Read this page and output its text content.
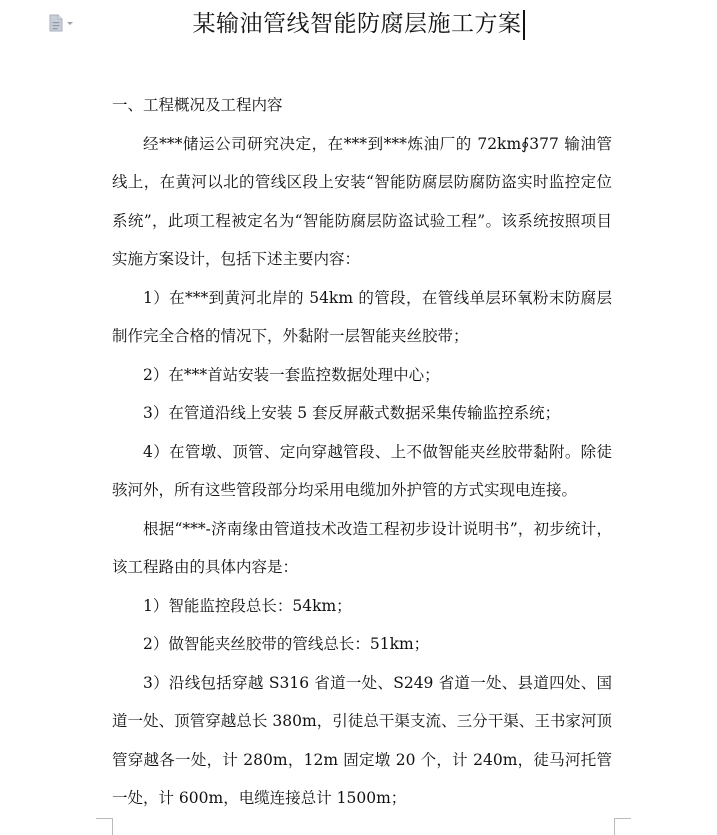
某输油管线智能防腐层施工方案

一、工程概况及工程内容

经***储运公司研究决定，在***到***炼油厂的 72km∮377 输油管线上，在黄河以北的管线区段上安装“智能防腐层防腐防盗实时监控定位系统”，此项工程被定名为“智能防腐层防盗试验工程”。该系统按照项目实施方案设计，包括下述主要内容：

1）在***到黄河北岸的 54km 的管段，在管线单层环氧粉末防腐层制作完全合格的情况下，外黏附一层智能夹丝胶带；

2）在***首站安装一套监控数据处理中心；

3）在管道沿线上安装 5 套反屏蔽式数据采集传输监控系统；

4）在管墩、顶管、定向穿越管段、上不做智能夹丝胶带黏附。除徒骇河外，所有这些管段部分均采用电缆加外护管的方式实现电连接。

根据“***-济南缘由管道技术改造工程初步设计说明书”，初步统计，该工程路由的具体内容是：

1）智能监控段总长：54km；

2）做智能夹丝胶带的管线总长：51km；

3）沿线包括穿越 S316 省道一处、S249 省道一处、县道四处、国道一处、顶管穿越总长 380m，引徒总干渠支流、三分干渠、王书家河顶管穿越各一处，计 280m，12m 固定墩 20 个，计 240m，徒马河托管一处，计 600m，电缆连接总计 1500m；
